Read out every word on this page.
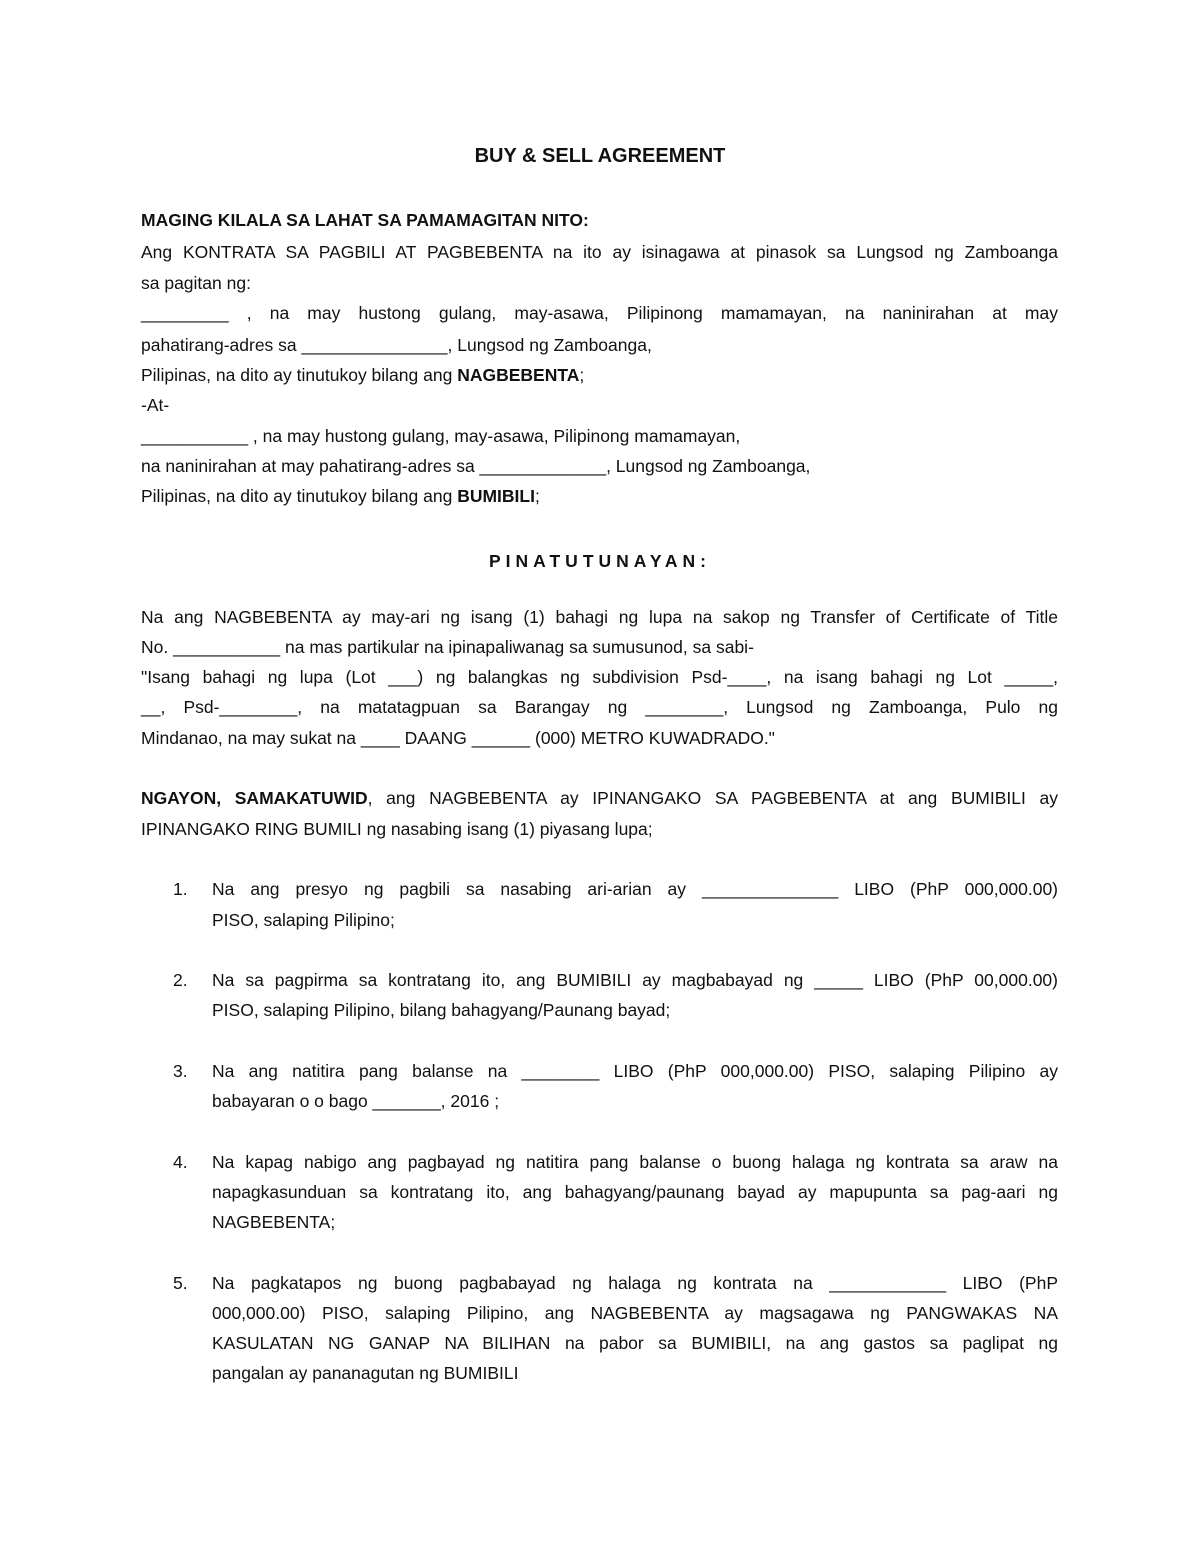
BUY & SELL AGREEMENT
MAGING KILALA SA LAHAT SA PAMAMAGITAN NITO:
Ang KONTRATA SA PAGBILI AT PAGBEBENTA na ito ay isinagawa at pinasok sa Lungsod ng Zamboanga
sa pagitan ng:
_________ , na may hustong gulang, may-asawa, Pilipinong mamamayan, na naninirahan at may
pahatirang-adres sa _______________, Lungsod ng Zamboanga,
Pilipinas, na dito ay tinutukoy bilang ang NAGBEBENTA;
-At-
___________ , na may hustong gulang, may-asawa, Pilipinong mamamayan,
na naninirahan at may pahatirang-adres sa _____________, Lungsod ng Zamboanga,
Pilipinas, na dito ay tinutukoy bilang ang BUMIBILI;
PINATUTUNAYAN:
Na ang NAGBEBENTA ay may-ari ng isang (1) bahagi ng lupa na sakop ng Transfer of Certificate of Title
No. ___________ na mas partikular na ipinapaliwanag sa sumusunod, sa sabi-
"Isang bahagi ng lupa (Lot ___) ng balangkas ng subdivision Psd-____, na isang bahagi ng Lot _____,
__, Psd-________, na matatagpuan sa Barangay ng ________, Lungsod ng Zamboanga, Pulo ng
Mindanao, na may sukat na ____ DAANG ______ (000) METRO KUWADRADO."
NGAYON, SAMAKATUWID, ang NAGBEBENTA ay IPINANGAKO SA PAGBEBENTA at ang BUMIBILI ay
IPINANGAKO RING BUMILI ng nasabing isang (1) piyasang lupa;
1.	Na ang presyo ng pagbili sa nasabing ari-arian ay ______________ LIBO (PhP 000,000.00)
PISO, salaping Pilipino;
2.	Na sa pagpirma sa kontratang ito, ang BUMIBILI ay magbabayad ng _____ LIBO (PhP 00,000.00)
PISO, salaping Pilipino, bilang bahagyang/Paunang bayad;
3.	Na ang natitira pang balanse na ________ LIBO (PhP 000,000.00) PISO, salaping Pilipino ay
babayaran o o bago _______, 2016 ;
4.	Na kapag nabigo ang pagbayad ng natitira pang balanse o buong halaga ng kontrata sa araw na
napagkasunduan sa kontratang ito, ang bahagyang/paunang bayad ay mapupunta sa pag-aari ng
NAGBEBENTA;
5.	Na pagkatapos ng buong pagbabayad ng halaga ng kontrata na ____________ LIBO (PhP
000,000.00) PISO, salaping Pilipino, ang NAGBEBENTA ay magsagawa ng PANGWAKAS NA
KASULATAN NG GANAP NA BILIHAN na pabor sa BUMIBILI, na ang gastos sa paglipat ng
pangalan ay pananagutan ng BUMIBILI
